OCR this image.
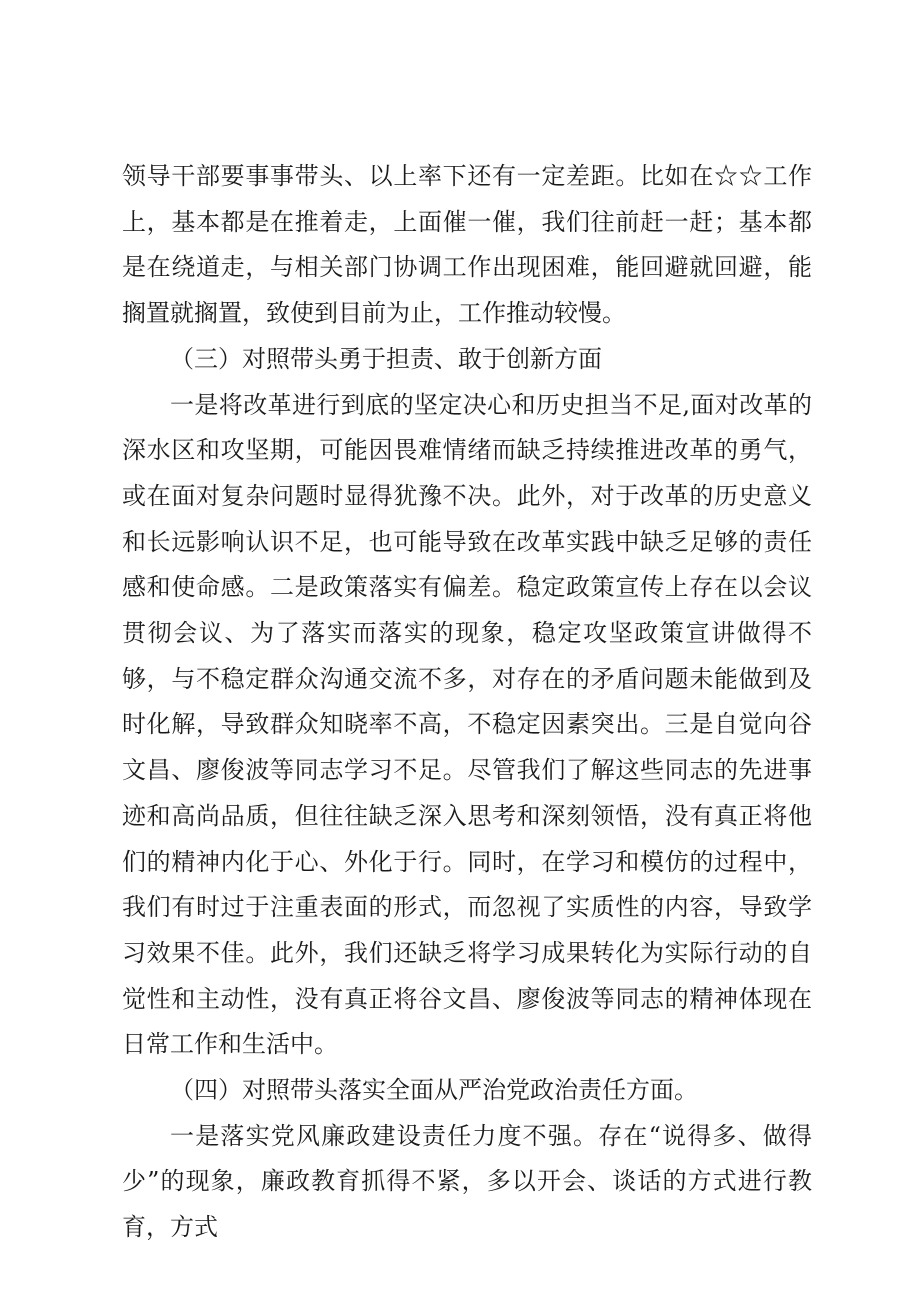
领导干部要事事带头、以上率下还有一定差距。比如在☆☆工作上，基本都是在推着走，上面催一催，我们往前赶一赶；基本都是在绕道走，与相关部门协调工作出现困难，能回避就回避，能搁置就搁置，致使到目前为止，工作推动较慢。

（三）对照带头勇于担责、敢于创新方面

一是将改革进行到底的坚定决心和历史担当不足,面对改革的深水区和攻坚期，可能因畏难情绪而缺乏持续推进改革的勇气，或在面对复杂问题时显得犹豫不决。此外，对于改革的历史意义和长远影响认识不足，也可能导致在改革实践中缺乏足够的责任感和使命感。二是政策落实有偏差。稳定政策宣传上存在以会议贯彻会议、为了落实而落实的现象，稳定攻坚政策宣讲做得不够，与不稳定群众沟通交流不多，对存在的矛盾问题未能做到及时化解，导致群众知晓率不高，不稳定因素突出。三是自觉向谷文昌、廖俊波等同志学习不足。尽管我们了解这些同志的先进事迹和高尚品质，但往往缺乏深入思考和深刻领悟，没有真正将他们的精神内化于心、外化于行。同时，在学习和模仿的过程中，我们有时过于注重表面的形式，而忽视了实质性的内容，导致学习效果不佳。此外，我们还缺乏将学习成果转化为实际行动的自觉性和主动性，没有真正将谷文昌、廖俊波等同志的精神体现在日常工作和生活中。

（四）对照带头落实全面从严治党政治责任方面。

一是落实党风廉政建设责任力度不强。存在“说得多、做得少”的现象，廉政教育抓得不紧，多以开会、谈话的方式进行教育，方式
